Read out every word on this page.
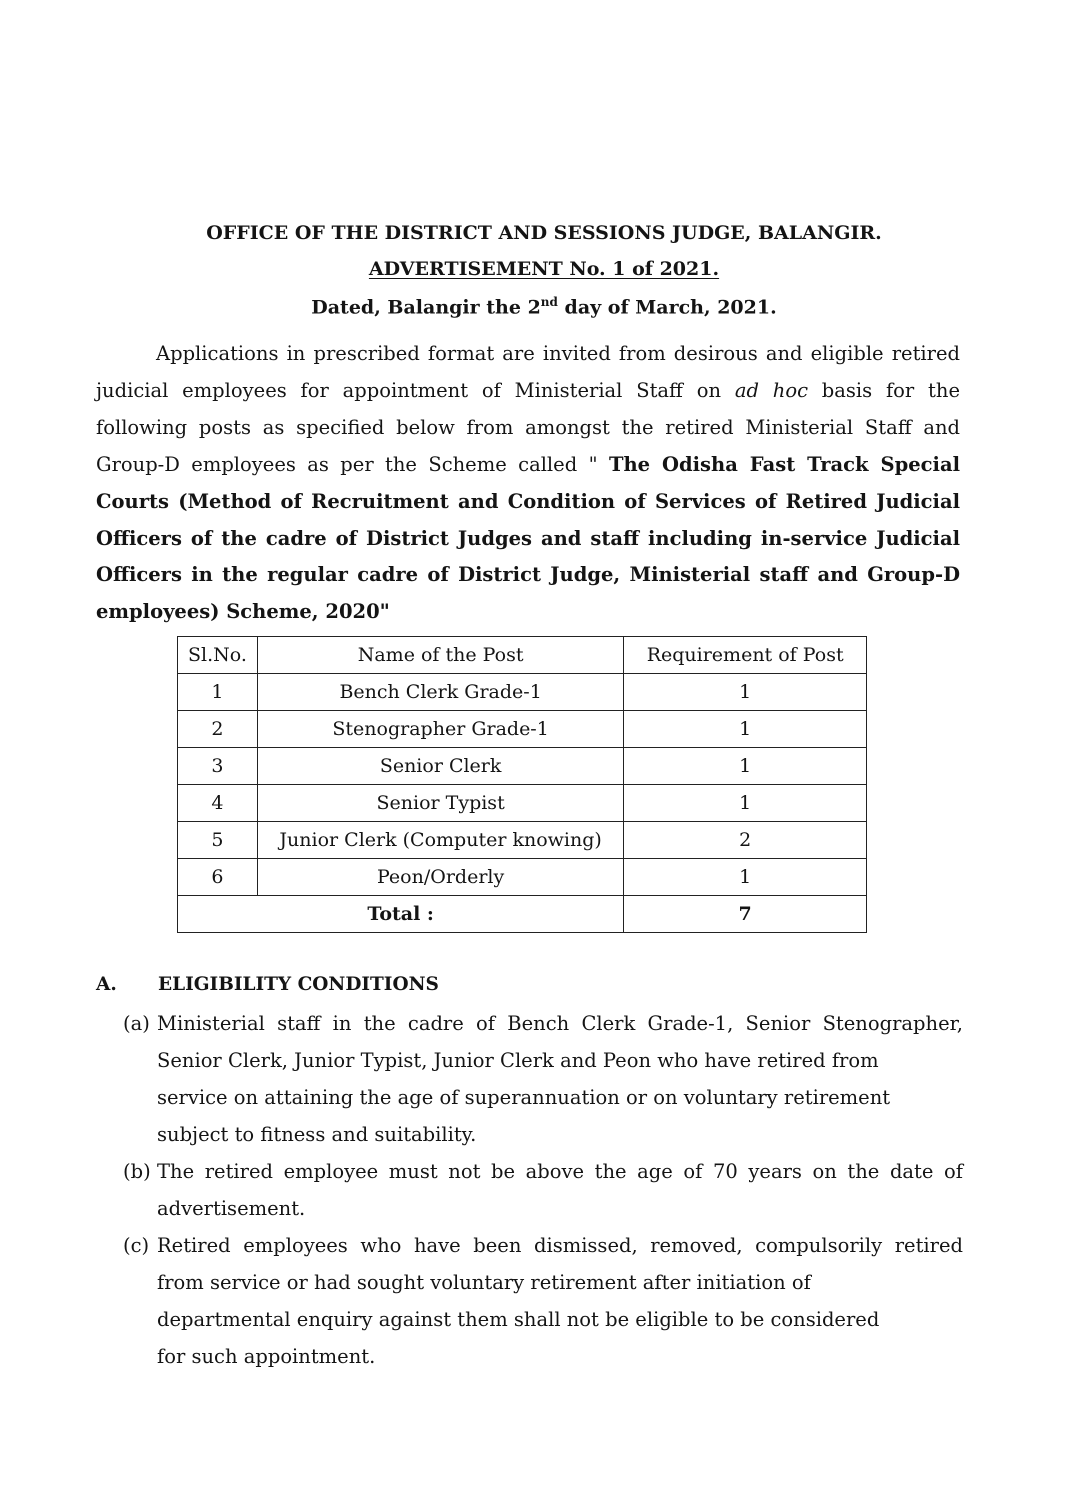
OFFICE OF THE DISTRICT AND SESSIONS JUDGE, BALANGIR.
ADVERTISEMENT No. 1 of 2021.
Dated, Balangir the 2nd day of March, 2021.
Applications in prescribed format are invited from desirous and eligible retired judicial employees for appointment of Ministerial Staff on ad hoc basis for the following posts as specified below from amongst the retired Ministerial Staff and Group-D employees as per the Scheme called " The Odisha Fast Track Special Courts (Method of Recruitment and Condition of Services of Retired Judicial Officers of the cadre of District Judges and staff including in-service Judicial Officers in the regular cadre of District Judge, Ministerial staff and Group-D employees) Scheme, 2020"
Sl.No.	Name of the Post	Requirement of Post
1	Bench Clerk Grade-1	1
2	Stenographer Grade-1	1
3	Senior Clerk	1
4	Senior Typist	1
5	Junior Clerk (Computer knowing)	2
6	Peon/Orderly	1
Total :		7
A. ELIGIBILITY CONDITIONS
(a) Ministerial staff in the cadre of Bench Clerk Grade-1, Senior Stenographer,
Senior Clerk, Junior Typist, Junior Clerk and Peon who have retired from
service on attaining the age of superannuation or on voluntary retirement
subject to fitness and suitability.
(b) The retired employee must not be above the age of 70 years on the date of
advertisement.
(c) Retired employees who have been dismissed, removed, compulsorily retired
from service or had sought voluntary retirement after initiation of
departmental enquiry against them shall not be eligible to be considered
for such appointment.
